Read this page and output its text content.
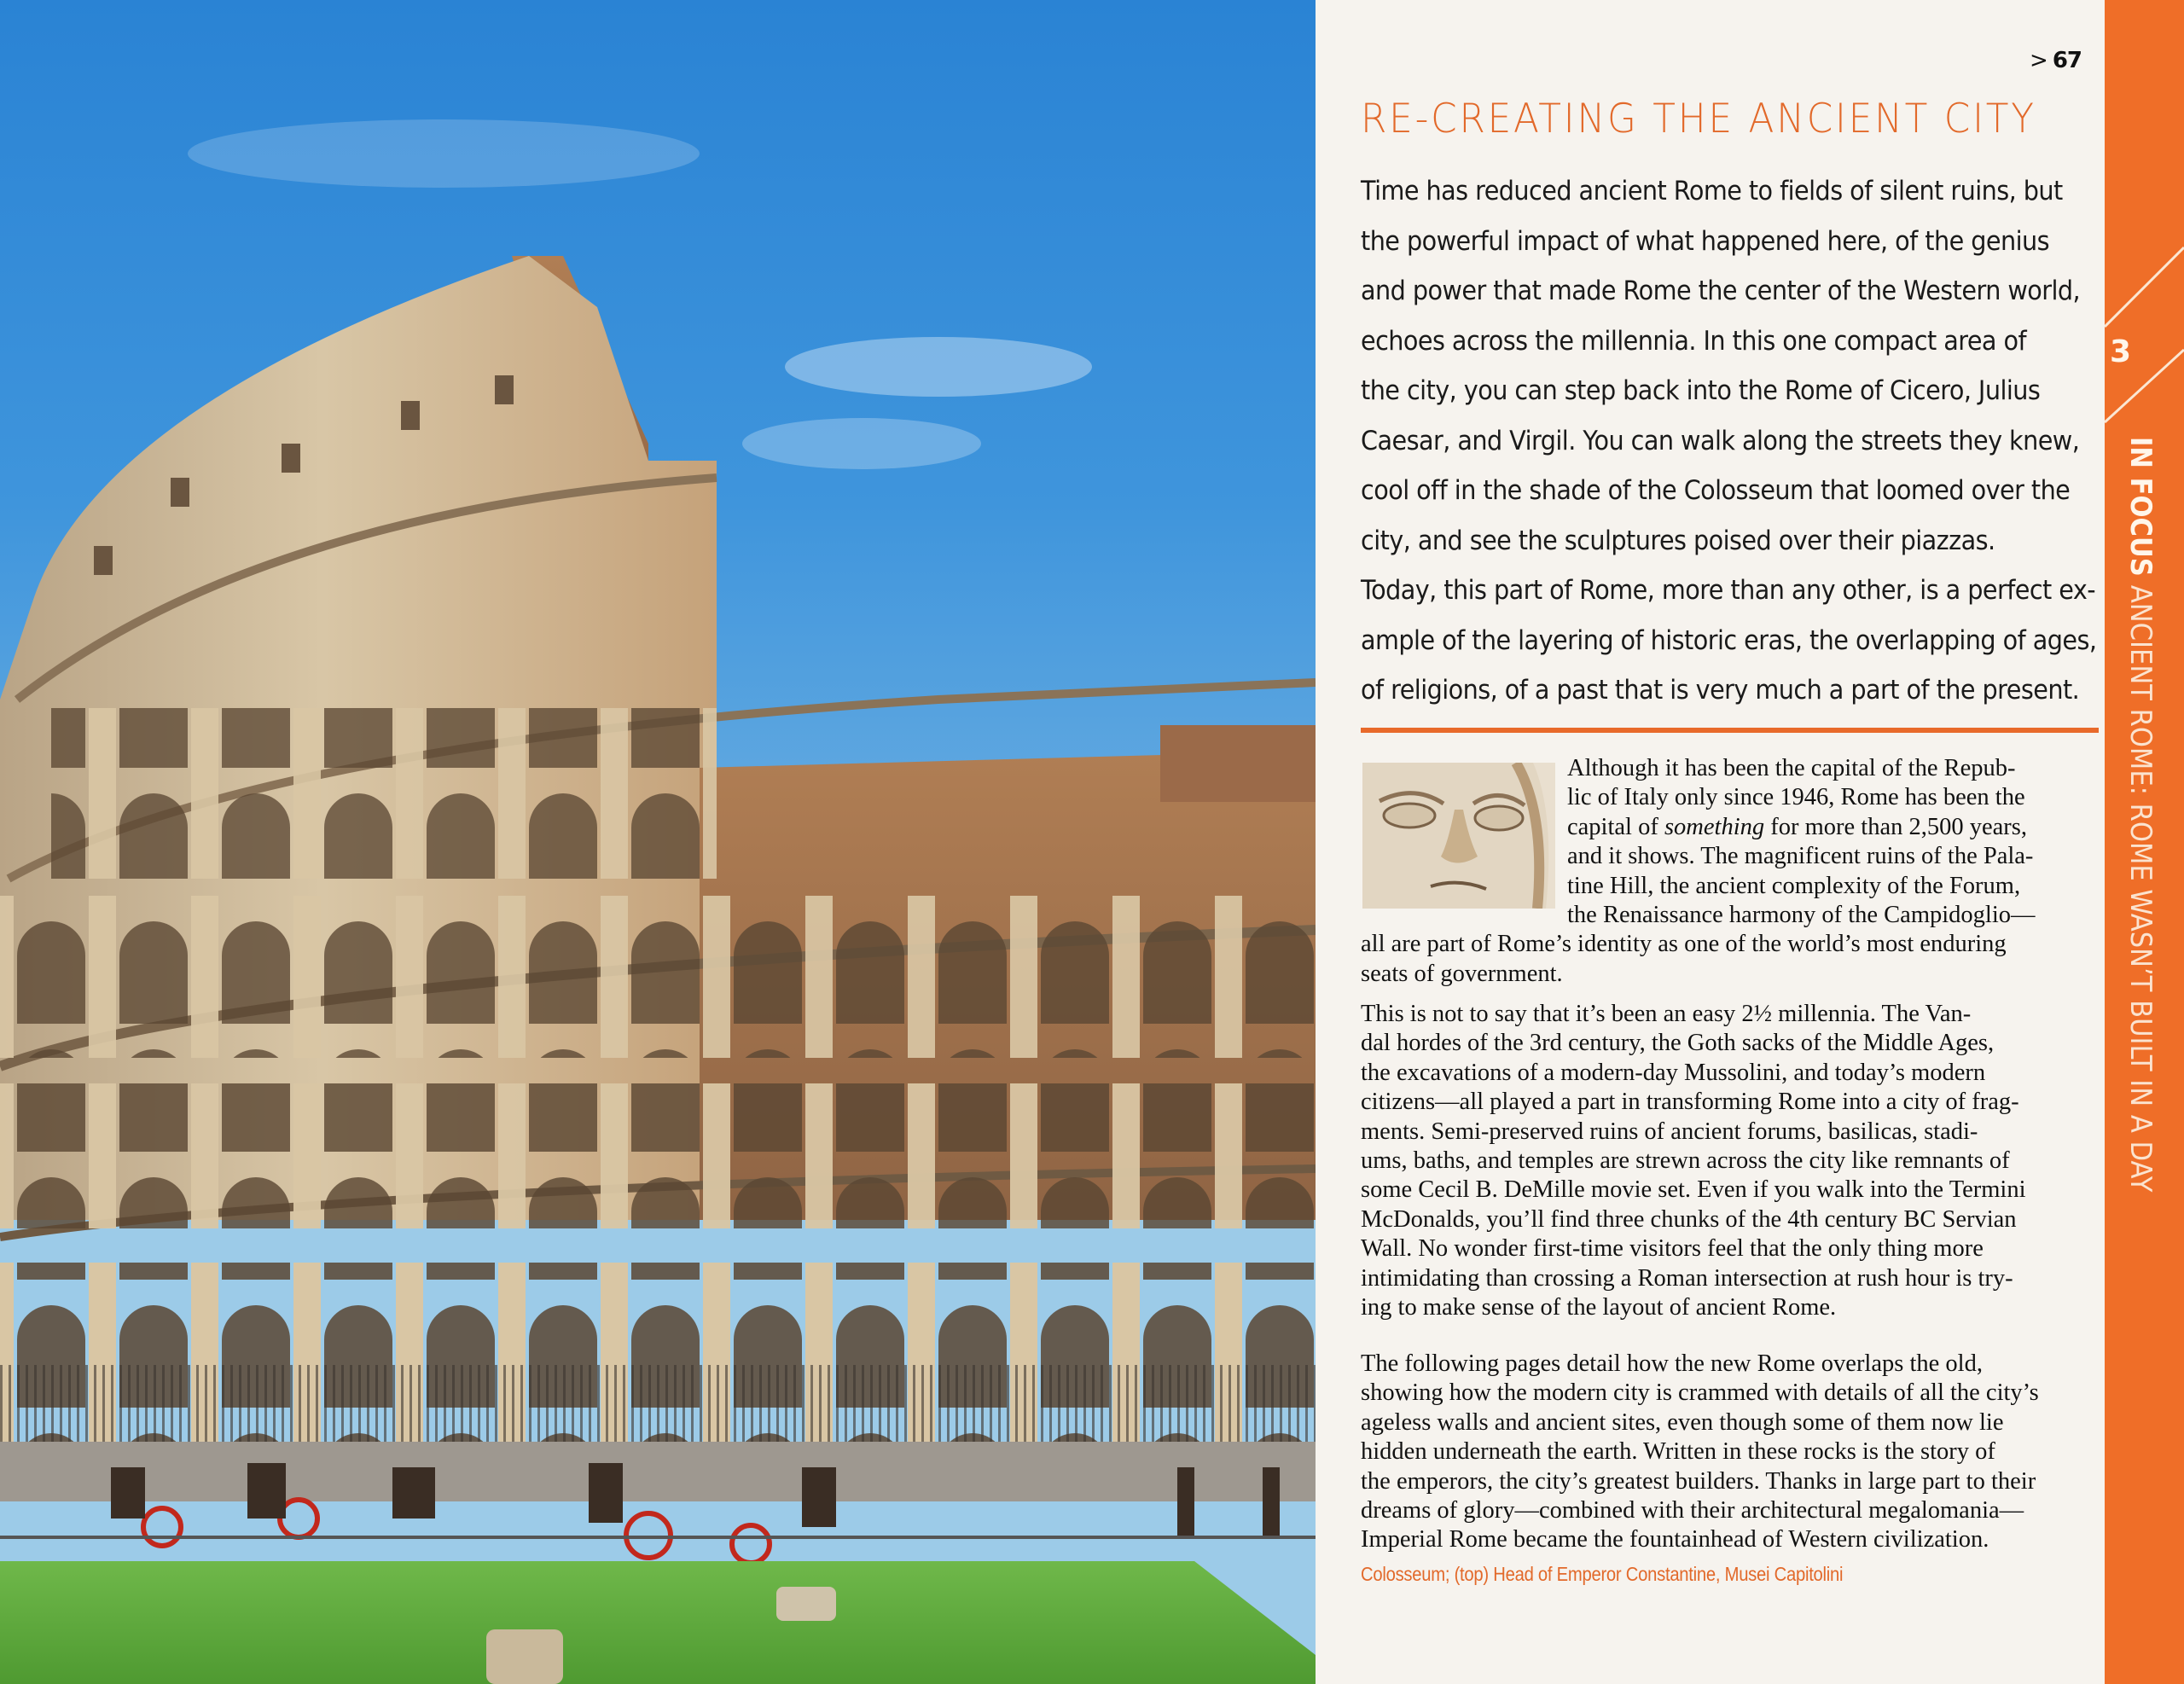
> 67
RE-CREATING THE ANCIENT CITY
Time has reduced ancient Rome to fields of silent ruins, but
the powerful impact of what happened here, of the genius
and power that made Rome the center of the Western world,
echoes across the millennia. In this one compact area of
the city, you can step back into the Rome of Cicero, Julius
Caesar, and Virgil. You can walk along the streets they knew,
cool off in the shade of the Colosseum that loomed over the
city, and see the sculptures poised over their piazzas.
Today, this part of Rome, more than any other, is a perfect ex-
ample of the layering of historic eras, the overlapping of ages,
of religions, of a past that is very much a part of the present.
Although it has been the capital of the Repub-
lic of Italy only since 1946, Rome has been the
capital of something for more than 2,500 years,
and it shows. The magnificent ruins of the Pala-
tine Hill, the ancient complexity of the Forum,
the Renaissance harmony of the Campidoglio—
all are part of Rome’s identity as one of the world’s most enduring
seats of government.
This is not to say that it’s been an easy 2½ millennia. The Van-
dal hordes of the 3rd century, the Goth sacks of the Middle Ages,
the excavations of a modern-day Mussolini, and today’s modern
citizens—all played a part in transforming Rome into a city of frag-
ments. Semi-preserved ruins of ancient forums, basilicas, stadi-
ums, baths, and temples are strewn across the city like remnants of
some Cecil B. DeMille movie set. Even if you walk into the Termini
McDonalds, you’ll find three chunks of the 4th century BC Servian
Wall. No wonder first-time visitors feel that the only thing more
intimidating than crossing a Roman intersection at rush hour is try-
ing to make sense of the layout of ancient Rome.
The following pages detail how the new Rome overlaps the old,
showing how the modern city is crammed with details of all the city’s
ageless walls and ancient sites, even though some of them now lie
hidden underneath the earth. Written in these rocks is the story of
the emperors, the city’s greatest builders. Thanks in large part to their
dreams of glory—combined with their architectural megalomania—
Imperial Rome became the fountainhead of Western civilization.
Colosseum; (top) Head of Emperor Constantine, Musei Capitolini
3
IN FOCUSANCIENT ROME: ROME WASN’T BUILT IN A DAY
